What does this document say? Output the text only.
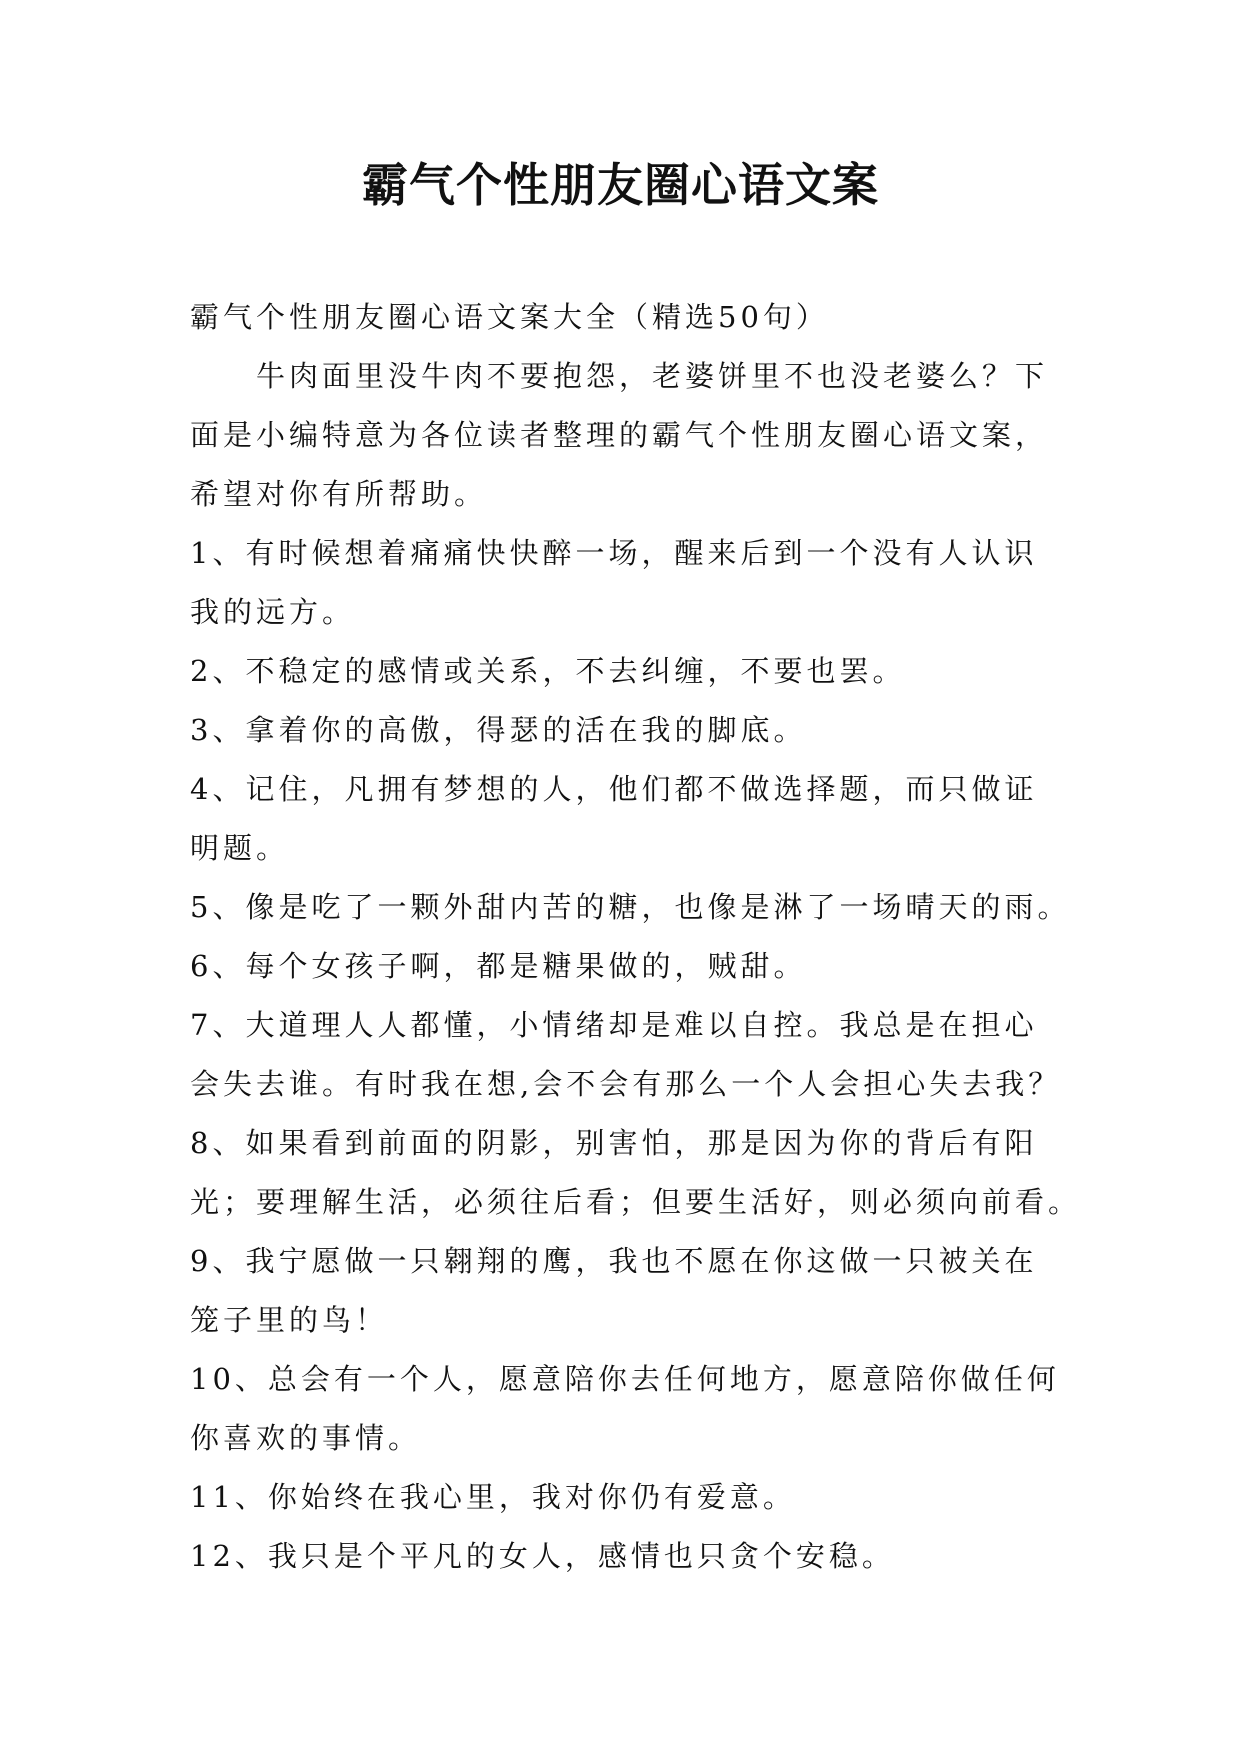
霸气个性朋友圈心语文案
霸气个性朋友圈心语文案大全（精选50句）
牛肉面里没牛肉不要抱怨，老婆饼里不也没老婆么？下
面是小编特意为各位读者整理的霸气个性朋友圈心语文案，
希望对你有所帮助。
1、有时候想着痛痛快快醉一场，醒来后到一个没有人认识
我的远方。
2、不稳定的感情或关系，不去纠缠，不要也罢。
3、拿着你的高傲，得瑟的活在我的脚底。
4、记住，凡拥有梦想的人，他们都不做选择题，而只做证
明题。
5、像是吃了一颗外甜内苦的糖，也像是淋了一场晴天的雨。
6、每个女孩子啊，都是糖果做的，贼甜。
7、大道理人人都懂，小情绪却是难以自控。我总是在担心
会失去谁。有时我在想,会不会有那么一个人会担心失去我？
8、如果看到前面的阴影，别害怕，那是因为你的背后有阳
光；要理解生活，必须往后看；但要生活好，则必须向前看。
9、我宁愿做一只翱翔的鹰，我也不愿在你这做一只被关在
笼子里的鸟！
10、总会有一个人，愿意陪你去任何地方，愿意陪你做任何
你喜欢的事情。
11、你始终在我心里，我对你仍有爱意。
12、我只是个平凡的女人，感情也只贪个安稳。
